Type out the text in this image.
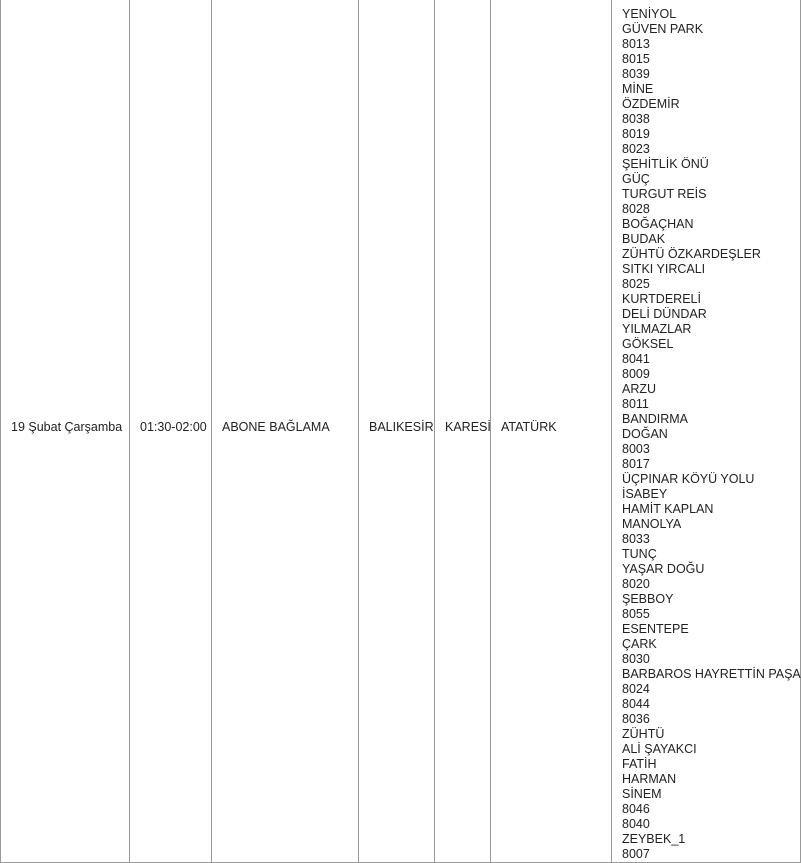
19 Şubat Çarşamba	01:30-02:00	ABONE BAĞLAMA	BALIKESİR	KARESİ	ATATÜRK	
YENİYOL
GÜVEN PARK
8013
8015
8039
MİNE
ÖZDEMİR
8038
8019
8023
ŞEHİTLİK ÖNÜ
GÜÇ
TURGUT REİS
8028
BOĞAÇHAN
BUDAK
ZÜHTÜ ÖZKARDEŞLER
SITKI YIRCALI
8025
KURTDERELİ
DELİ DÜNDAR
YILMAZLAR
GÖKSEL
8041
8009
ARZU
8011
BANDIRMA
DOĞAN
8003
8017
ÜÇPINAR KÖYÜ YOLU
İSABEY
HAMİT KAPLAN
MANOLYA
8033
TUNÇ
YAŞAR DOĞU
8020
ŞEBBOY
8055
ESENTEPE
ÇARK
8030
BARBAROS HAYRETTİN PAŞA
8024
8044
8036
ZÜHTÜ
ALİ ŞAYAKCI
FATİH
HARMAN
SİNEM
8046
8040
ZEYBEK_1
8007
